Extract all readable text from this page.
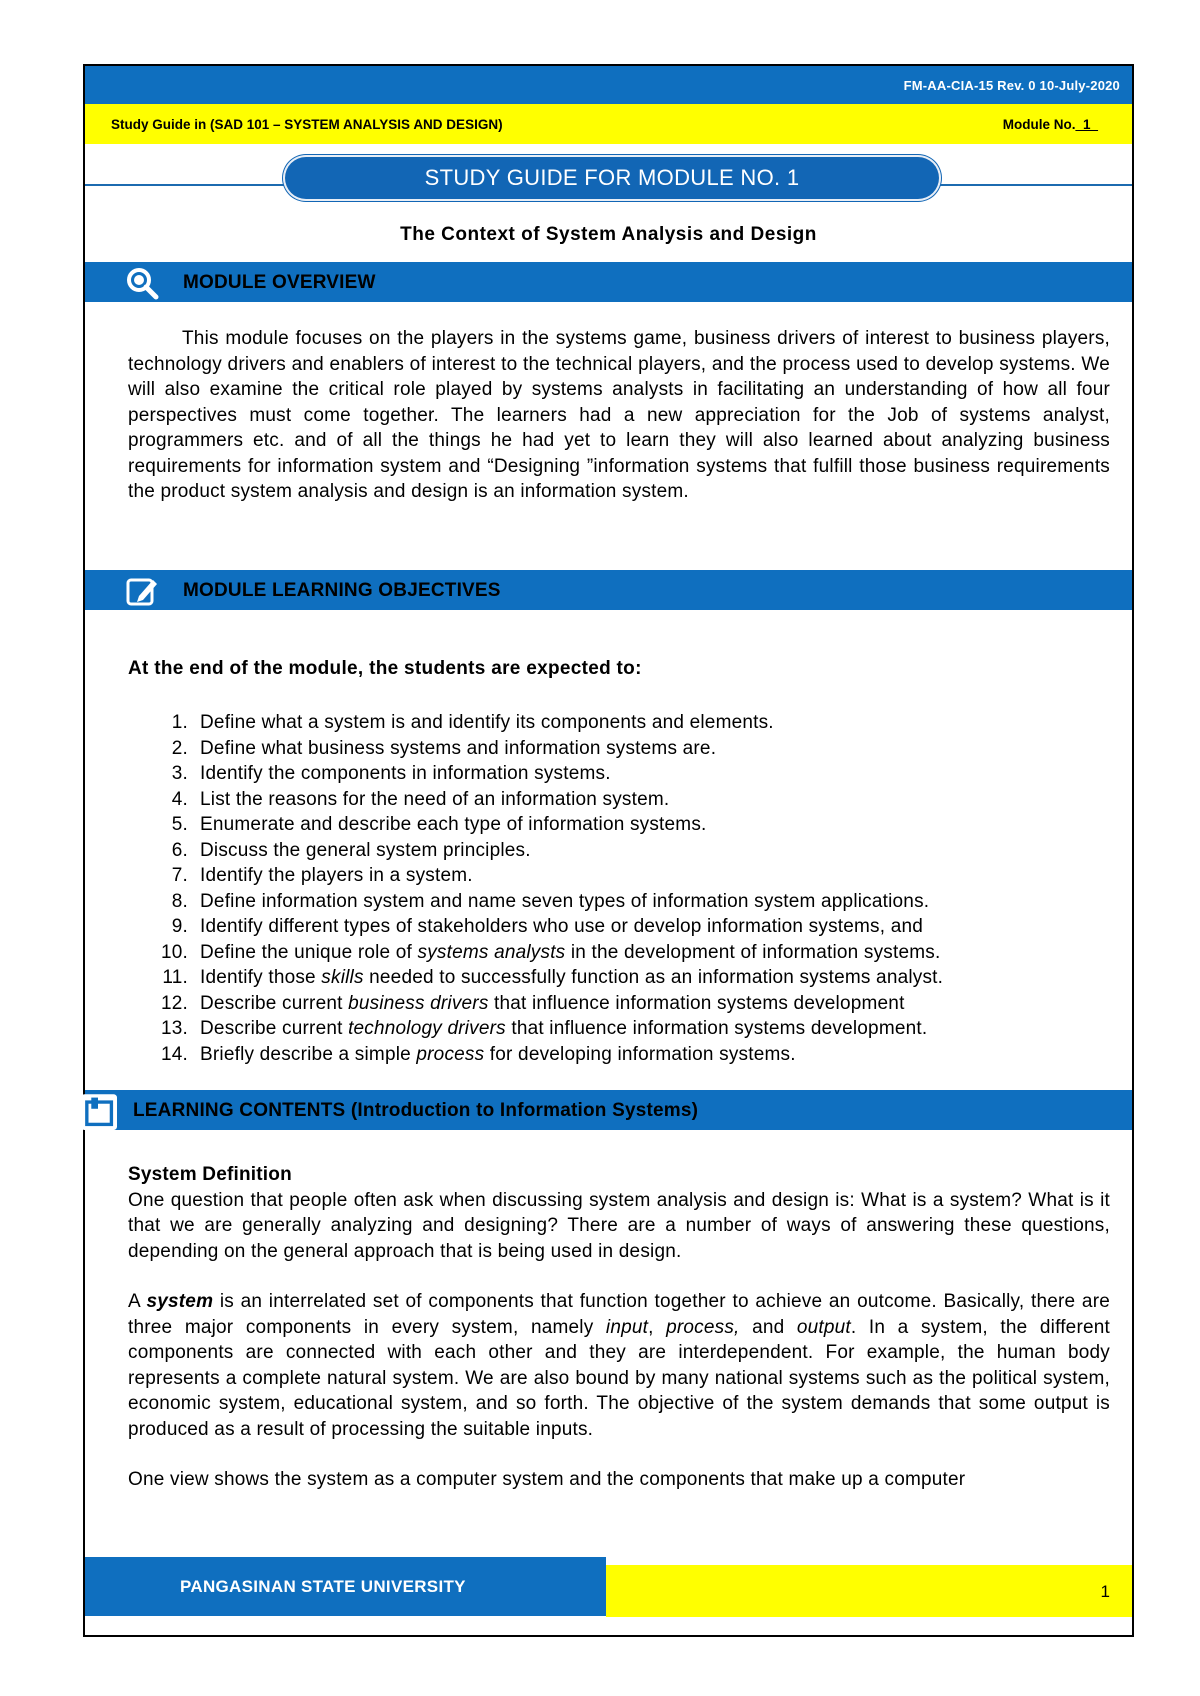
FM-AA-CIA-15 Rev. 0 10-July-2020
Study Guide in (SAD 101 – SYSTEM ANALYSIS AND DESIGN)	Module No._1_
STUDY GUIDE FOR MODULE NO. 1
The Context of System Analysis and Design
MODULE OVERVIEW

This module focuses on the players in the systems game, business drivers of interest to business players, technology drivers and enablers of interest to the technical players, and the process used to develop systems. We will also examine the critical role played by systems analysts in facilitating an understanding of how all four perspectives must come together. The learners had a new appreciation for the Job of systems analyst, programmers etc. and of all the things he had yet to learn they will also learned about analyzing business requirements for information system and “Designing ”information systems that fulfill those business requirements the product system analysis and design is an information system.

MODULE LEARNING OBJECTIVES
At the end of the module, the students are expected to:
1. Define what a system is and identify its components and elements.
2. Define what business systems and information systems are.
3. Identify the components in information systems.
4. List the reasons for the need of an information system.
5. Enumerate and describe each type of information systems.
6. Discuss the general system principles.
7. Identify the players in a system.
8. Define information system and name seven types of information system applications.
9. Identify different types of stakeholders who use or develop information systems, and
10. Define the unique role of systems analysts in the development of information systems.
11. Identify those skills needed to successfully function as an information systems analyst.
12. Describe current business drivers that influence information systems development
13. Describe current technology drivers that influence information systems development.
14. Briefly describe a simple process for developing information systems.
LEARNING CONTENTS (Introduction to Information Systems)
System Definition
One question that people often ask when discussing system analysis and design is: What is a system? What is it that we are generally analyzing and designing? There are a number of ways of answering these questions, depending on the general approach that is being used in design.
A system is an interrelated set of components that function together to achieve an outcome. Basically, there are three major components in every system, namely input, process, and output. In a system, the different components are connected with each other and they are interdependent. For example, the human body represents a complete natural system. We are also bound by many national systems such as the political system, economic system, educational system, and so forth. The objective of the system demands that some output is produced as a result of processing the suitable inputs.
One view shows the system as a computer system and the components that make up a computer
PANGASINAN STATE UNIVERSITY	1
